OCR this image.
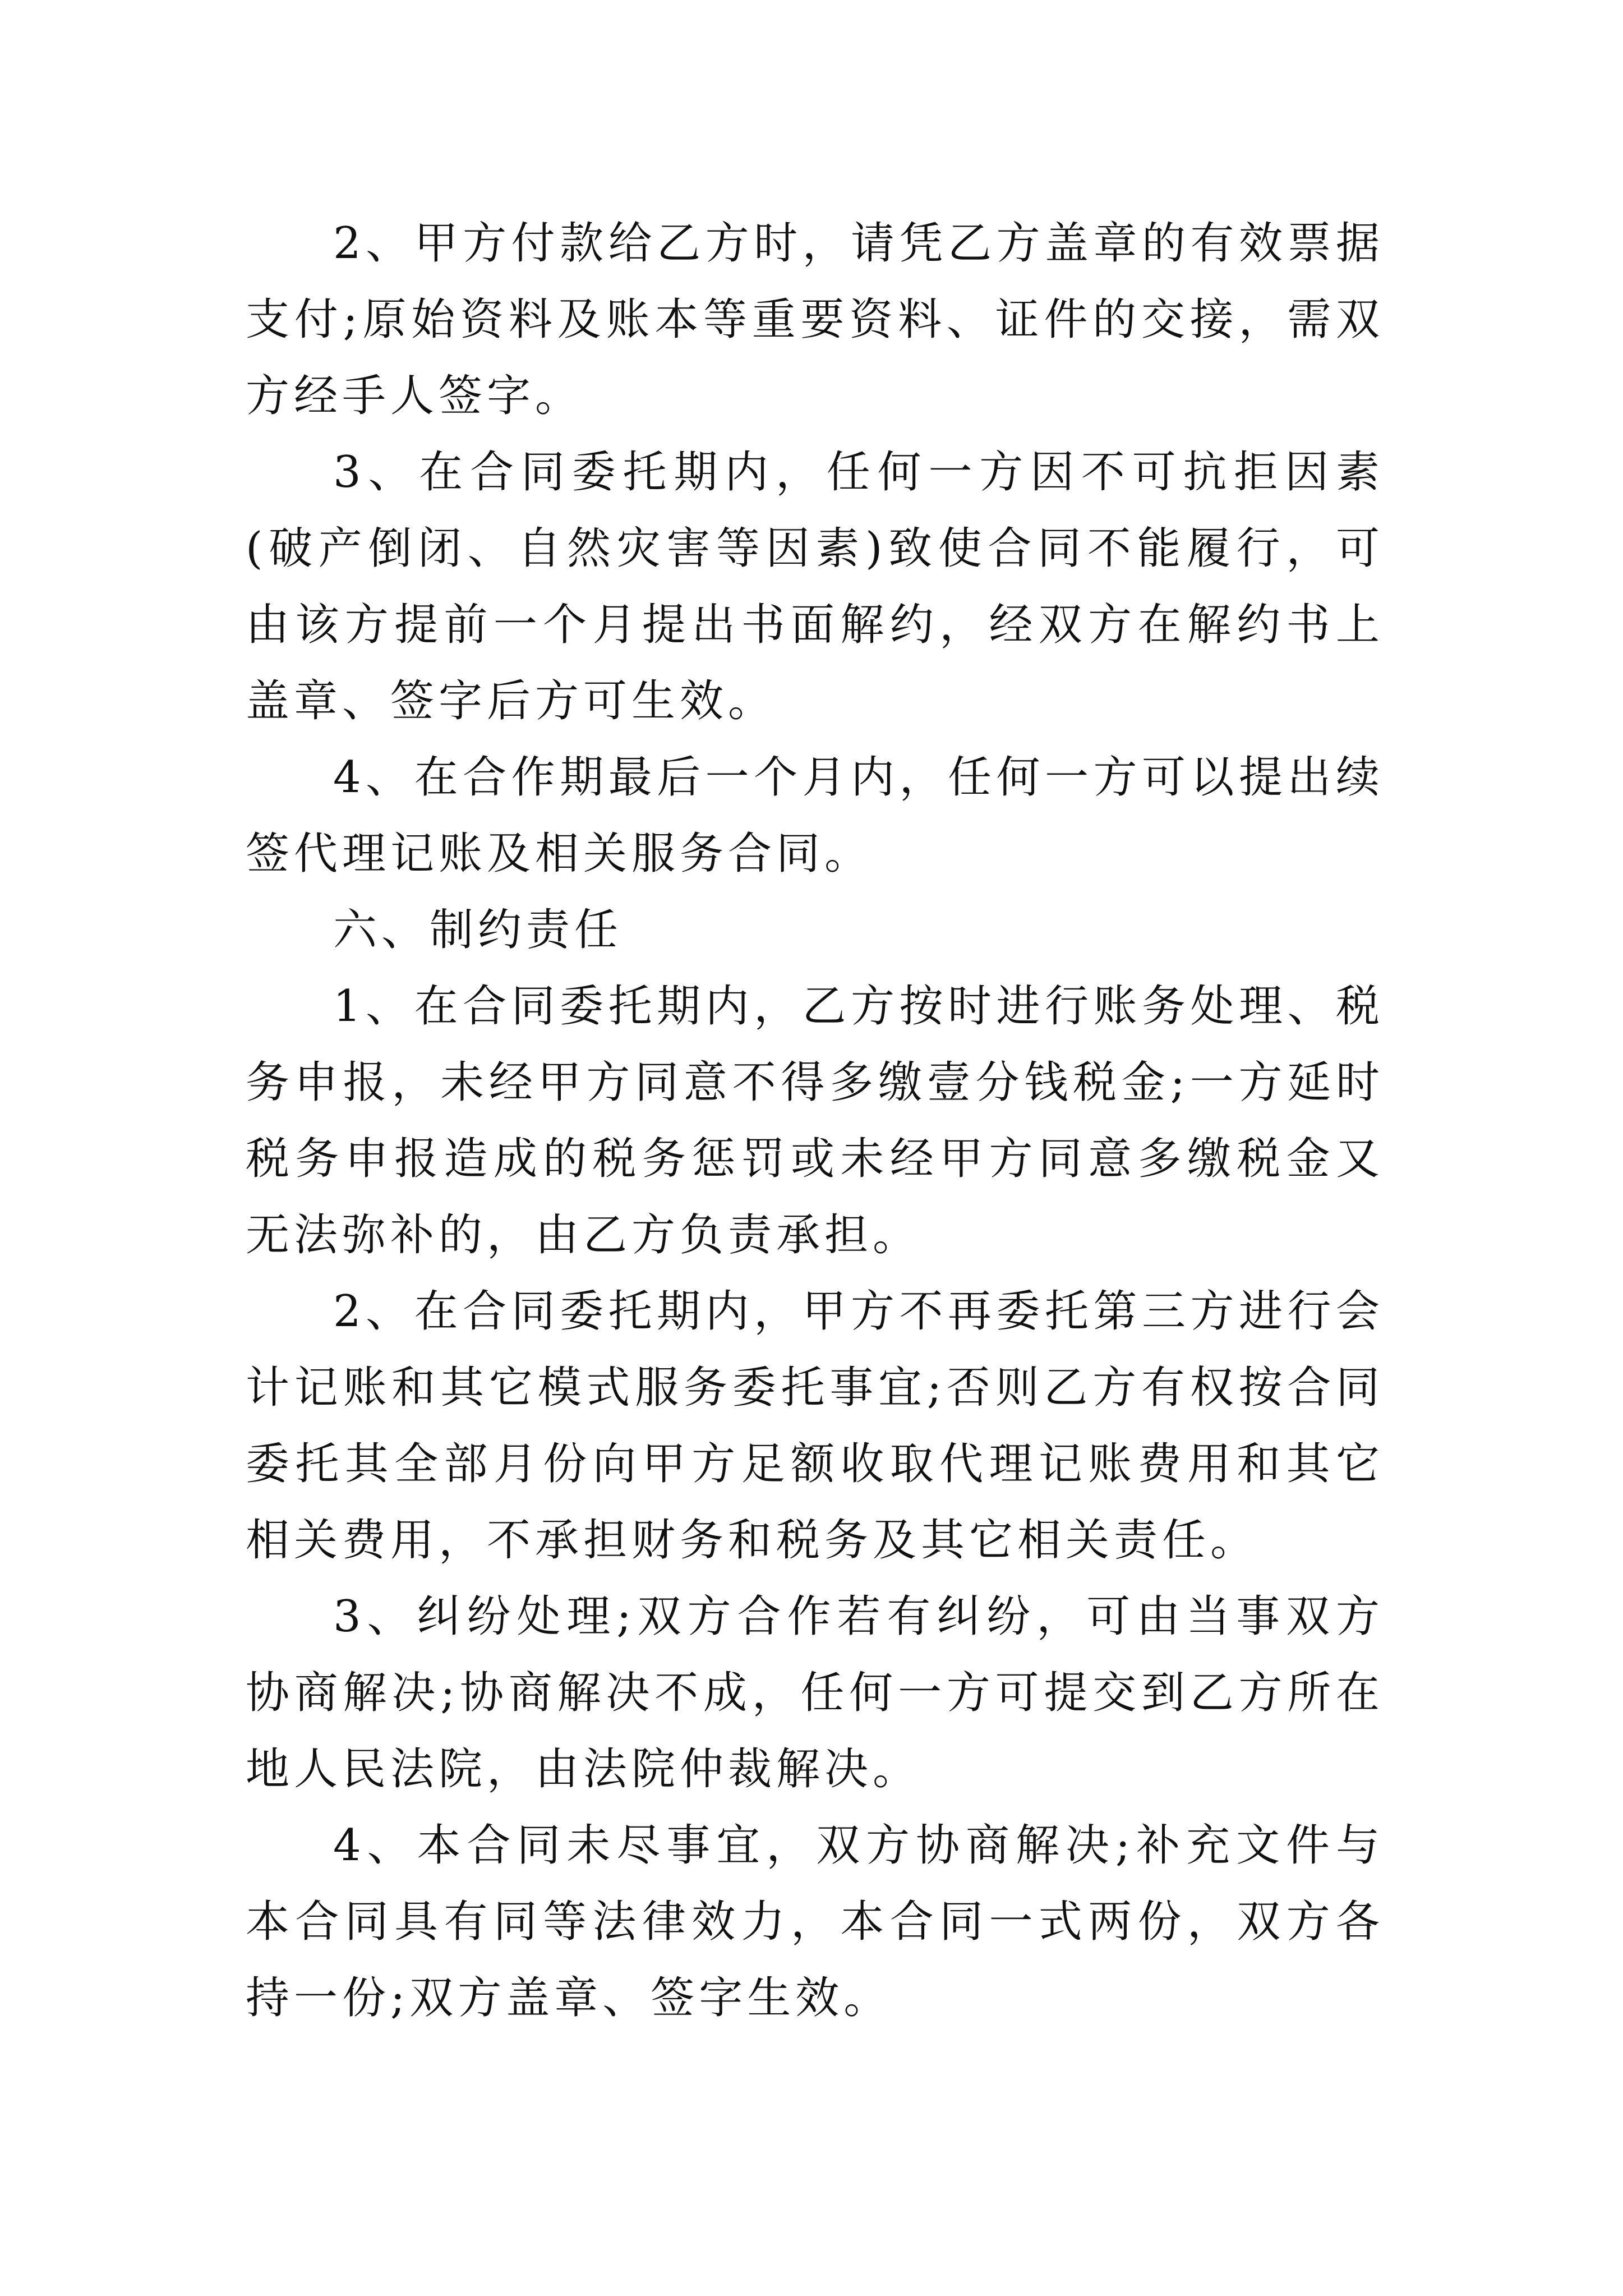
2、甲方付款给乙方时，请凭乙方盖章的有效票据支付;原始资料及账本等重要资料、证件的交接，需双方经手人签字。

3、在合同委托期内，任何一方因不可抗拒因素(破产倒闭、自然灾害等因素)致使合同不能履行，可由该方提前一个月提出书面解约，经双方在解约书上盖章、签字后方可生效。

4、在合作期最后一个月内，任何一方可以提出续签代理记账及相关服务合同。

六、制约责任

1、在合同委托期内，乙方按时进行账务处理、税务申报，未经甲方同意不得多缴壹分钱税金;一方延时税务申报造成的税务惩罚或未经甲方同意多缴税金又无法弥补的，由乙方负责承担。

2、在合同委托期内，甲方不再委托第三方进行会计记账和其它模式服务委托事宜;否则乙方有权按合同委托其全部月份向甲方足额收取代理记账费用和其它相关费用，不承担财务和税务及其它相关责任。

3、纠纷处理;双方合作若有纠纷，可由当事双方协商解决;协商解决不成，任何一方可提交到乙方所在地人民法院，由法院仲裁解决。

4、本合同未尽事宜，双方协商解决;补充文件与本合同具有同等法律效力，本合同一式两份，双方各持一份;双方盖章、签字生效。
